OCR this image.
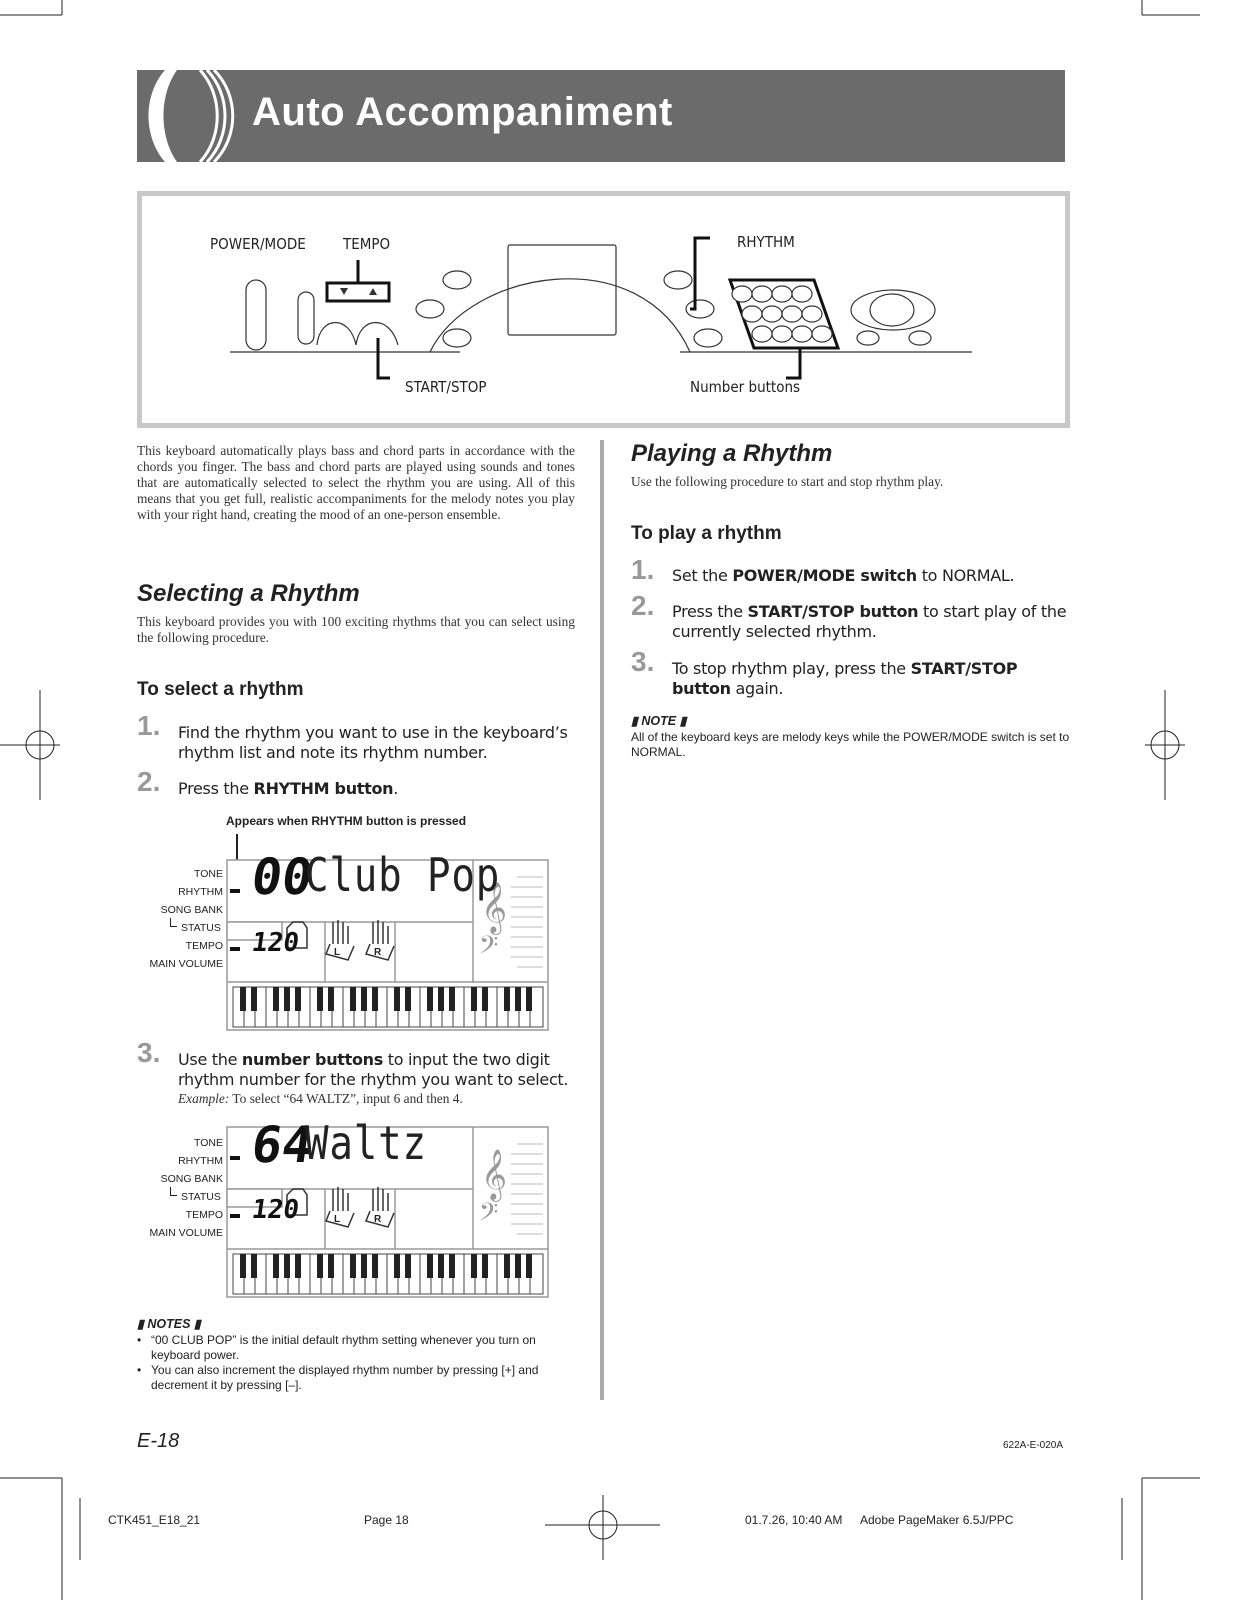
Auto Accompaniment
POWER/MODE TEMPO	RHYTHM
START/STOP	Number buttons
This keyboard automatically plays bass and chord parts in accordance with the chords you finger. The bass and chord parts are played using sounds and tones that are automatically selected to select the rhythm you are using. All of this means that you get full, realistic accompaniments for the melody notes you play with your right hand, creating the mood of an one-person ensemble.
Selecting a Rhythm
This keyboard provides you with 100 exciting rhythms that you can select using the following procedure.
To select a rhythm
1. Find the rhythm you want to use in the keyboard’s rhythm list and note its rhythm number.
2. Press the RHYTHM button.
Appears when RHYTHM button is pressed
𝄞
𝄢
00
Club Pop
120	L	R
TONE
RHYTHM
SONG BANK
STATUS
TEMPO
MAIN VOLUME
3. Use the number buttons to input the two digit rhythm number for the rhythm you want to select.
Example: To select “64 WALTZ”, input 6 and then 4.
𝄞
𝄢
64
Waltz
120	L	R
TONE
RHYTHM
SONG BANK
STATUS
TEMPO
MAIN VOLUME
▮ NOTES ▮
• “00 CLUB POP” is the initial default rhythm setting whenever you turn on keyboard power.
• You can also increment the displayed rhythm number by pressing [+] and decrement it by pressing [–].
Playing a Rhythm
Use the following procedure to start and stop rhythm play.
To play a rhythm
1. Set the POWER/MODE switch to NORMAL.
2. Press the START/STOP button to start play of the currently selected rhythm.
3. To stop rhythm play, press the START/STOP button again.
▮ NOTE ▮
All of the keyboard keys are melody keys while the POWER/MODE switch is set to NORMAL.
E-18	622A-E-020A
CTK451_E18_21	Page 18	01.7.26, 10:40 AM Adobe PageMaker 6.5J/PPC
